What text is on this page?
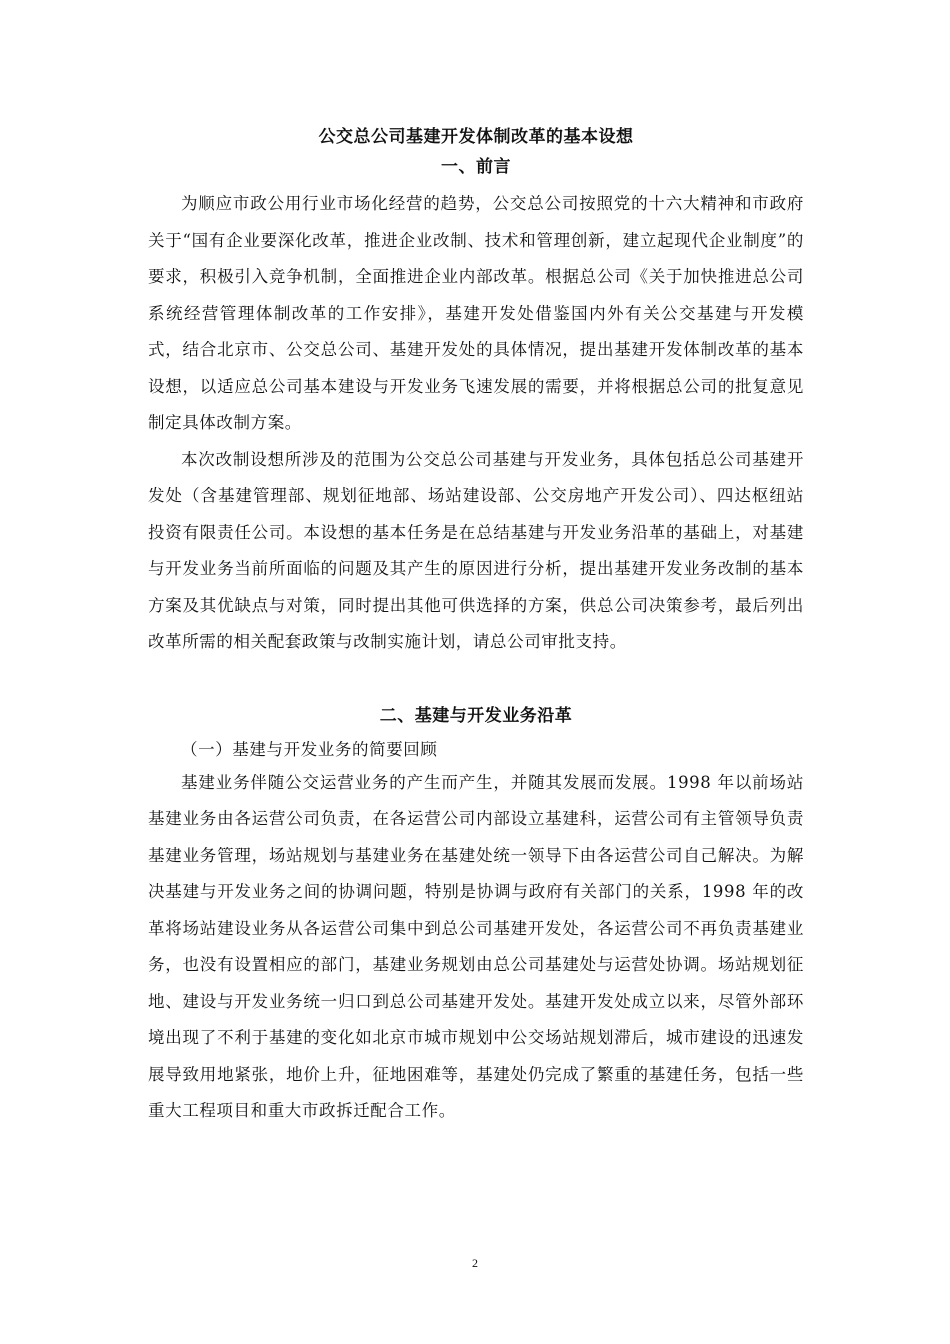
公交总公司基建开发体制改革的基本设想
一、前言

为顺应市政公用行业市场化经营的趋势，公交总公司按照党的十六大精神和市政府关于“国有企业要深化改革，推进企业改制、技术和管理创新，建立起现代企业制度”的要求，积极引入竞争机制，全面推进企业内部改革。根据总公司《关于加快推进总公司系统经营管理体制改革的工作安排》，基建开发处借鉴国内外有关公交基建与开发模式，结合北京市、公交总公司、基建开发处的具体情况，提出基建开发体制改革的基本设想，以适应总公司基本建设与开发业务飞速发展的需要，并将根据总公司的批复意见制定具体改制方案。

本次改制设想所涉及的范围为公交总公司基建与开发业务，具体包括总公司基建开发处（含基建管理部、规划征地部、场站建设部、公交房地产开发公司）、四达枢纽站投资有限责任公司。本设想的基本任务是在总结基建与开发业务沿革的基础上，对基建与开发业务当前所面临的问题及其产生的原因进行分析，提出基建开发业务改制的基本方案及其优缺点与对策，同时提出其他可供选择的方案，供总公司决策参考，最后列出改革所需的相关配套政策与改制实施计划，请总公司审批支持。

二、基建与开发业务沿革

（一）基建与开发业务的简要回顾

基建业务伴随公交运营业务的产生而产生，并随其发展而发展。1998 年以前场站基建业务由各运营公司负责，在各运营公司内部设立基建科，运营公司有主管领导负责基建业务管理，场站规划与基建业务在基建处统一领导下由各运营公司自己解决。为解决基建与开发业务之间的协调问题，特别是协调与政府有关部门的关系，1998 年的改革将场站建设业务从各运营公司集中到总公司基建开发处，各运营公司不再负责基建业务，也没有设置相应的部门，基建业务规划由总公司基建处与运营处协调。场站规划征地、建设与开发业务统一归口到总公司基建开发处。基建开发处成立以来，尽管外部环境出现了不利于基建的变化如北京市城市规划中公交场站规划滞后，城市建设的迅速发展导致用地紧张，地价上升，征地困难等，基建处仍完成了繁重的基建任务，包括一些重大工程项目和重大市政拆迁配合工作。

2
